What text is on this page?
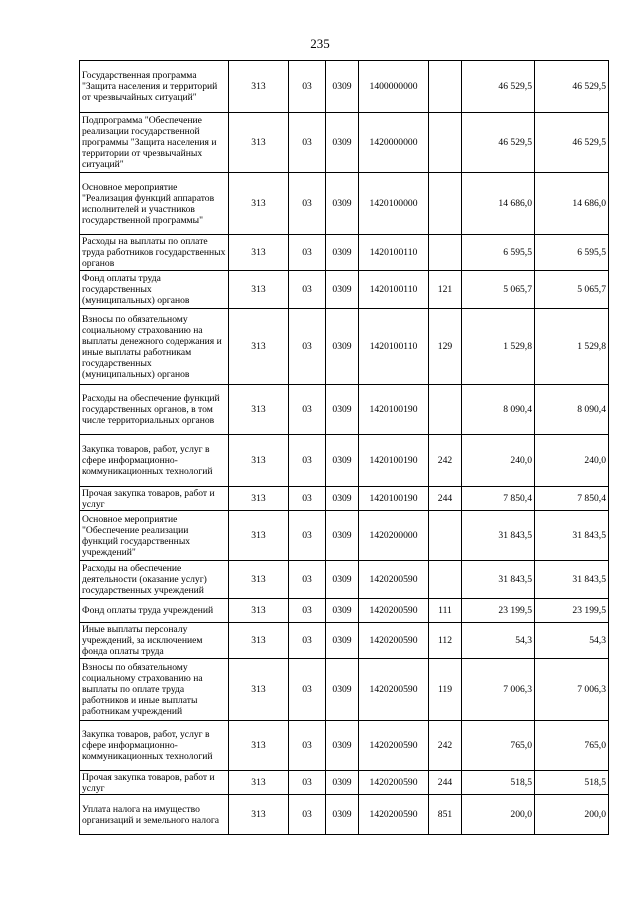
235
Государственная программа "Защита населения и территорий от чрезвычайных ситуаций"	313	03	0309	1400000000		46 529,5	46 529,5
Подпрограмма "Обеспечение реализации государственной программы "Защита населения и территории от чрезвычайных ситуаций"	313	03	0309	1420000000		46 529,5	46 529,5
Основное мероприятие "Реализация функций аппаратов исполнителей и участников государственной программы"	313	03	0309	1420100000		14 686,0	14 686,0
Расходы на выплаты по оплате труда работников государственных органов	313	03	0309	1420100110		6 595,5	6 595,5
Фонд оплаты труда государственных (муниципальных) органов	313	03	0309	1420100110	121	5 065,7	5 065,7
Взносы по обязательному социальному страхованию на выплаты денежного содержания и иные выплаты работникам государственных (муниципальных) органов	313	03	0309	1420100110	129	1 529,8	1 529,8
Расходы на обеспечение функций государственных органов, в том числе территориальных органов	313	03	0309	1420100190		8 090,4	8 090,4
Закупка товаров, работ, услуг в сфере информационно-коммуникационных технологий	313	03	0309	1420100190	242	240,0	240,0
Прочая закупка товаров, работ и услуг	313	03	0309	1420100190	244	7 850,4	7 850,4
Основное мероприятие "Обеспечение реализации функций государственных учреждений"	313	03	0309	1420200000		31 843,5	31 843,5
Расходы на обеспечение деятельности (оказание услуг) государственных учреждений	313	03	0309	1420200590		31 843,5	31 843,5
Фонд оплаты труда учреждений	313	03	0309	1420200590	111	23 199,5	23 199,5
Иные выплаты персоналу учреждений, за исключением фонда оплаты труда	313	03	0309	1420200590	112	54,3	54,3
Взносы по обязательному социальному страхованию на выплаты по оплате труда работников и иные выплаты работникам учреждений	313	03	0309	1420200590	119	7 006,3	7 006,3
Закупка товаров, работ, услуг в сфере информационно-коммуникационных технологий	313	03	0309	1420200590	242	765,0	765,0
Прочая закупка товаров, работ и услуг	313	03	0309	1420200590	244	518,5	518,5
Уплата налога на имущество организаций и земельного налога	313	03	0309	1420200590	851	200,0	200,0
